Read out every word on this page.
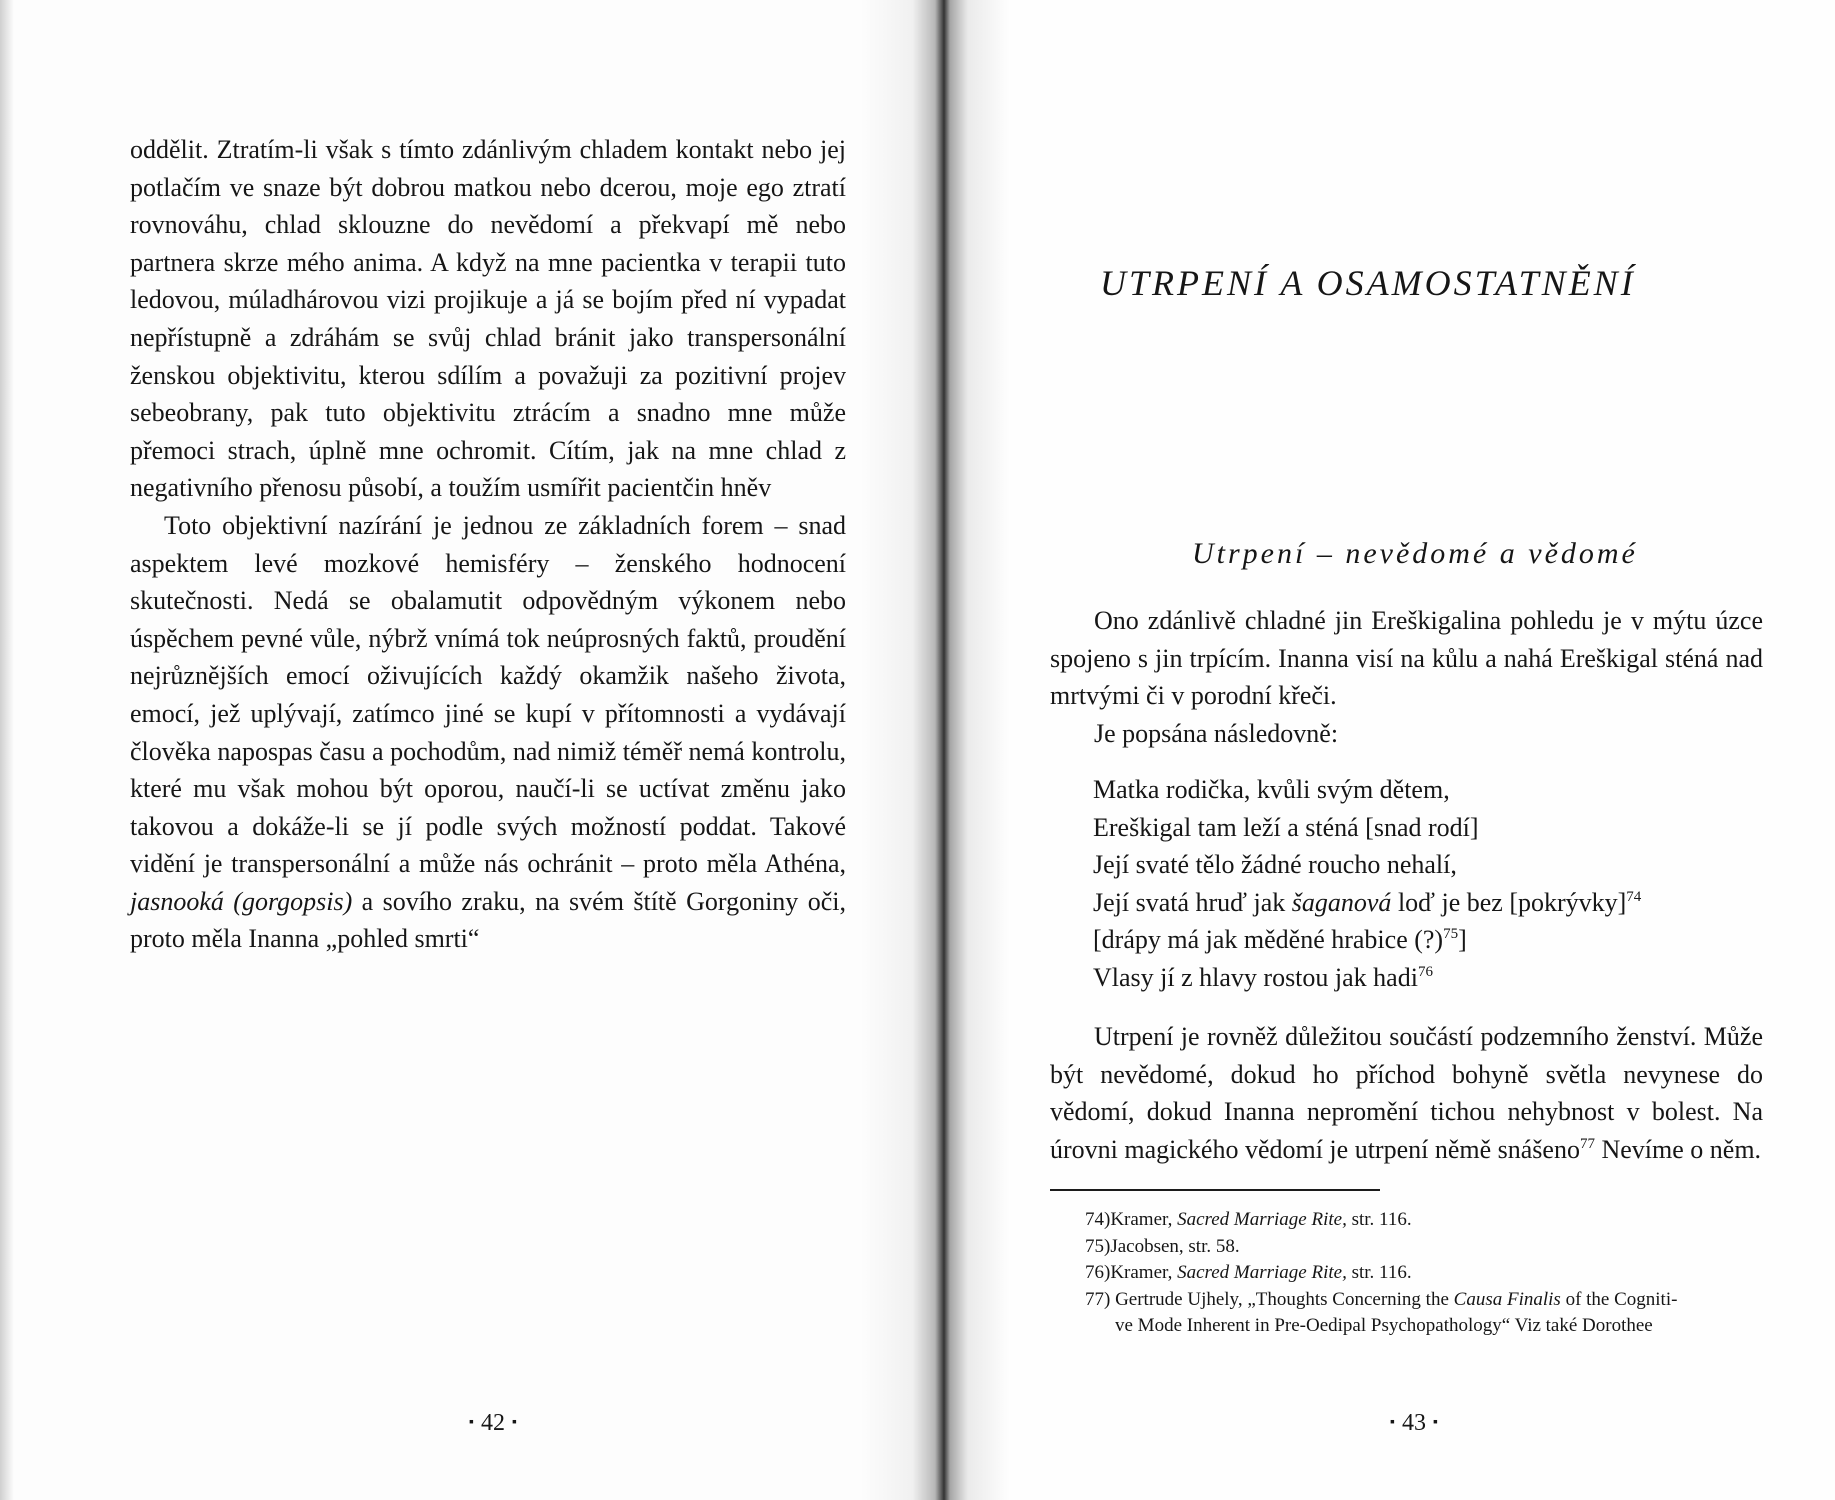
oddělit. Ztratím-li však s tímto zdánlivým chladem kontakt nebo jej potlačím ve snaze být dobrou matkou nebo dcerou, moje ego ztratí rovnováhu, chlad sklouzne do nevědomí a překvapí mě nebo partnera skrze mého anima. A když na mne pacientka v terapii tuto ledovou, múladhárovou vizi projikuje a já se bojím před ní vypadat nepřístupně a zdráhám se svůj chlad bránit jako transpersonální ženskou objektivitu, kterou sdílím a považuji za pozitivní projev sebeobrany, pak tuto objektivitu ztrácím a snadno mne může přemoci strach, úplně mne ochromit. Cítím, jak na mne chlad z negativního přenosu působí, a toužím usmířit pacientčin hněv

Toto objektivní nazírání je jednou ze základních forem – snad aspektem levé mozkové hemisféry – ženského hodnocení skutečnosti. Nedá se obalamutit odpovědným výkonem nebo úspěchem pevné vůle, nýbrž vnímá tok neúprosných faktů, proudění nejrůznějších emocí oživujících každý okamžik našeho života, emocí, jež uplývají, zatímco jiné se kupí v přítomnosti a vydávají člověka napospas času a pochodům, nad nimiž téměř nemá kontrolu, které mu však mohou být oporou, naučí-li se uctívat změnu jako takovou a dokáže-li se jí podle svých možností poddat. Takové vidění je transpersonální a může nás ochránit – proto měla Athéna, jasnooká (gorgopsis) a sovího zraku, na svém štítě Gorgoniny oči, proto měla Inanna „pohled smrti“

▪ 42 ▪
UTRPENÍ A OSAMOSTATNĚNÍ
Utrpení – nevědomé a vědomé

Ono zdánlivě chladné jin Ereškigalina pohledu je v mýtu úzce spojeno s jin trpícím. Inanna visí na kůlu a nahá Ereškigal sténá nad mrtvými či v porodní křeči.

Je popsána následovně:

Matka rodička, kvůli svým dětem,
Ereškigal tam leží a sténá [snad rodí]
Její svaté tělo žádné roucho nehalí,
Její svatá hruď jak šaganová loď je bez [pokrývky]$^{74}$
[drápy má jak měděné hrabice (?)$^{75}$]
Vlasy jí z hlavy rostou jak hadi$^{76}$

Utrpení je rovněž důležitou součástí podzemního ženství. Může být nevědomé, dokud ho příchod bohyně světla nevynese do vědomí, dokud Inanna nepromění tichou nehybnost v bolest. Na úrovni magického vědomí je utrpení němě snášeno$^{77}$ Nevíme o něm.

74)Kramer, Sacred Marriage Rite, str. 116.
75)Jacobsen, str. 58.
76)Kramer, Sacred Marriage Rite, str. 116.
77) Gertrude Ujhely, „Thoughts Concerning the Causa Finalis of the Cogniti-
ve Mode Inherent in Pre-Oedipal Psychopathology“ Viz také Dorothee
▪ 43 ▪
